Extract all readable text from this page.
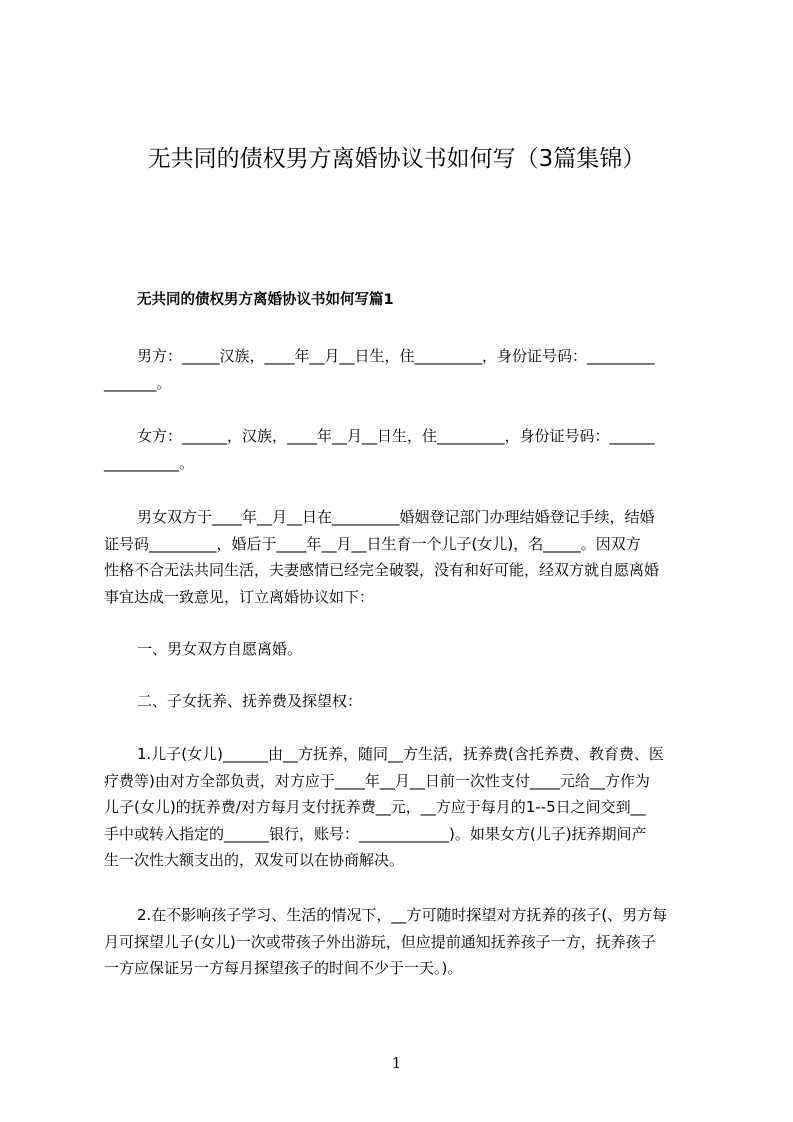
无共同的债权男方离婚协议书如何写（3篇集锦）
无共同的债权男方离婚协议书如何写篇1
男方：_____汉族，____年__月__日生，住_________，身份证号码：_________
_______。
女方：______，汉族，____年__月__日生，住_________，身份证号码：______
__________。
男女双方于____年__月__日在_________婚姻登记部门办理结婚登记手续，结婚
证号码_________，婚后于____年__月__日生育一个儿子(女儿)，名_____。因双方
性格不合无法共同生活，夫妻感情已经完全破裂，没有和好可能，经双方就自愿离婚
事宜达成一致意见，订立离婚协议如下：
一、男女双方自愿离婚。
二、子女抚养、抚养费及探望权：
1.儿子(女儿)______由__方抚养，随同__方生活，抚养费(含托养费、教育费、医
疗费等)由对方全部负责，对方应于____年__月__日前一次性支付____元给__方作为
儿子(女儿)的抚养费/对方每月支付抚养费__元，__方应于每月的1--5日之间交到__
手中或转入指定的______银行，账号：____________)。如果女方(儿子)抚养期间产
生一次性大额支出的，双发可以在协商解决。
2.在不影响孩子学习、生活的情况下，__方可随时探望对方抚养的孩子(、男方每
月可探望儿子(女儿)一次或带孩子外出游玩，但应提前通知抚养孩子一方，抚养孩子
一方应保证另一方每月探望孩子的时间不少于一天。)。
1
